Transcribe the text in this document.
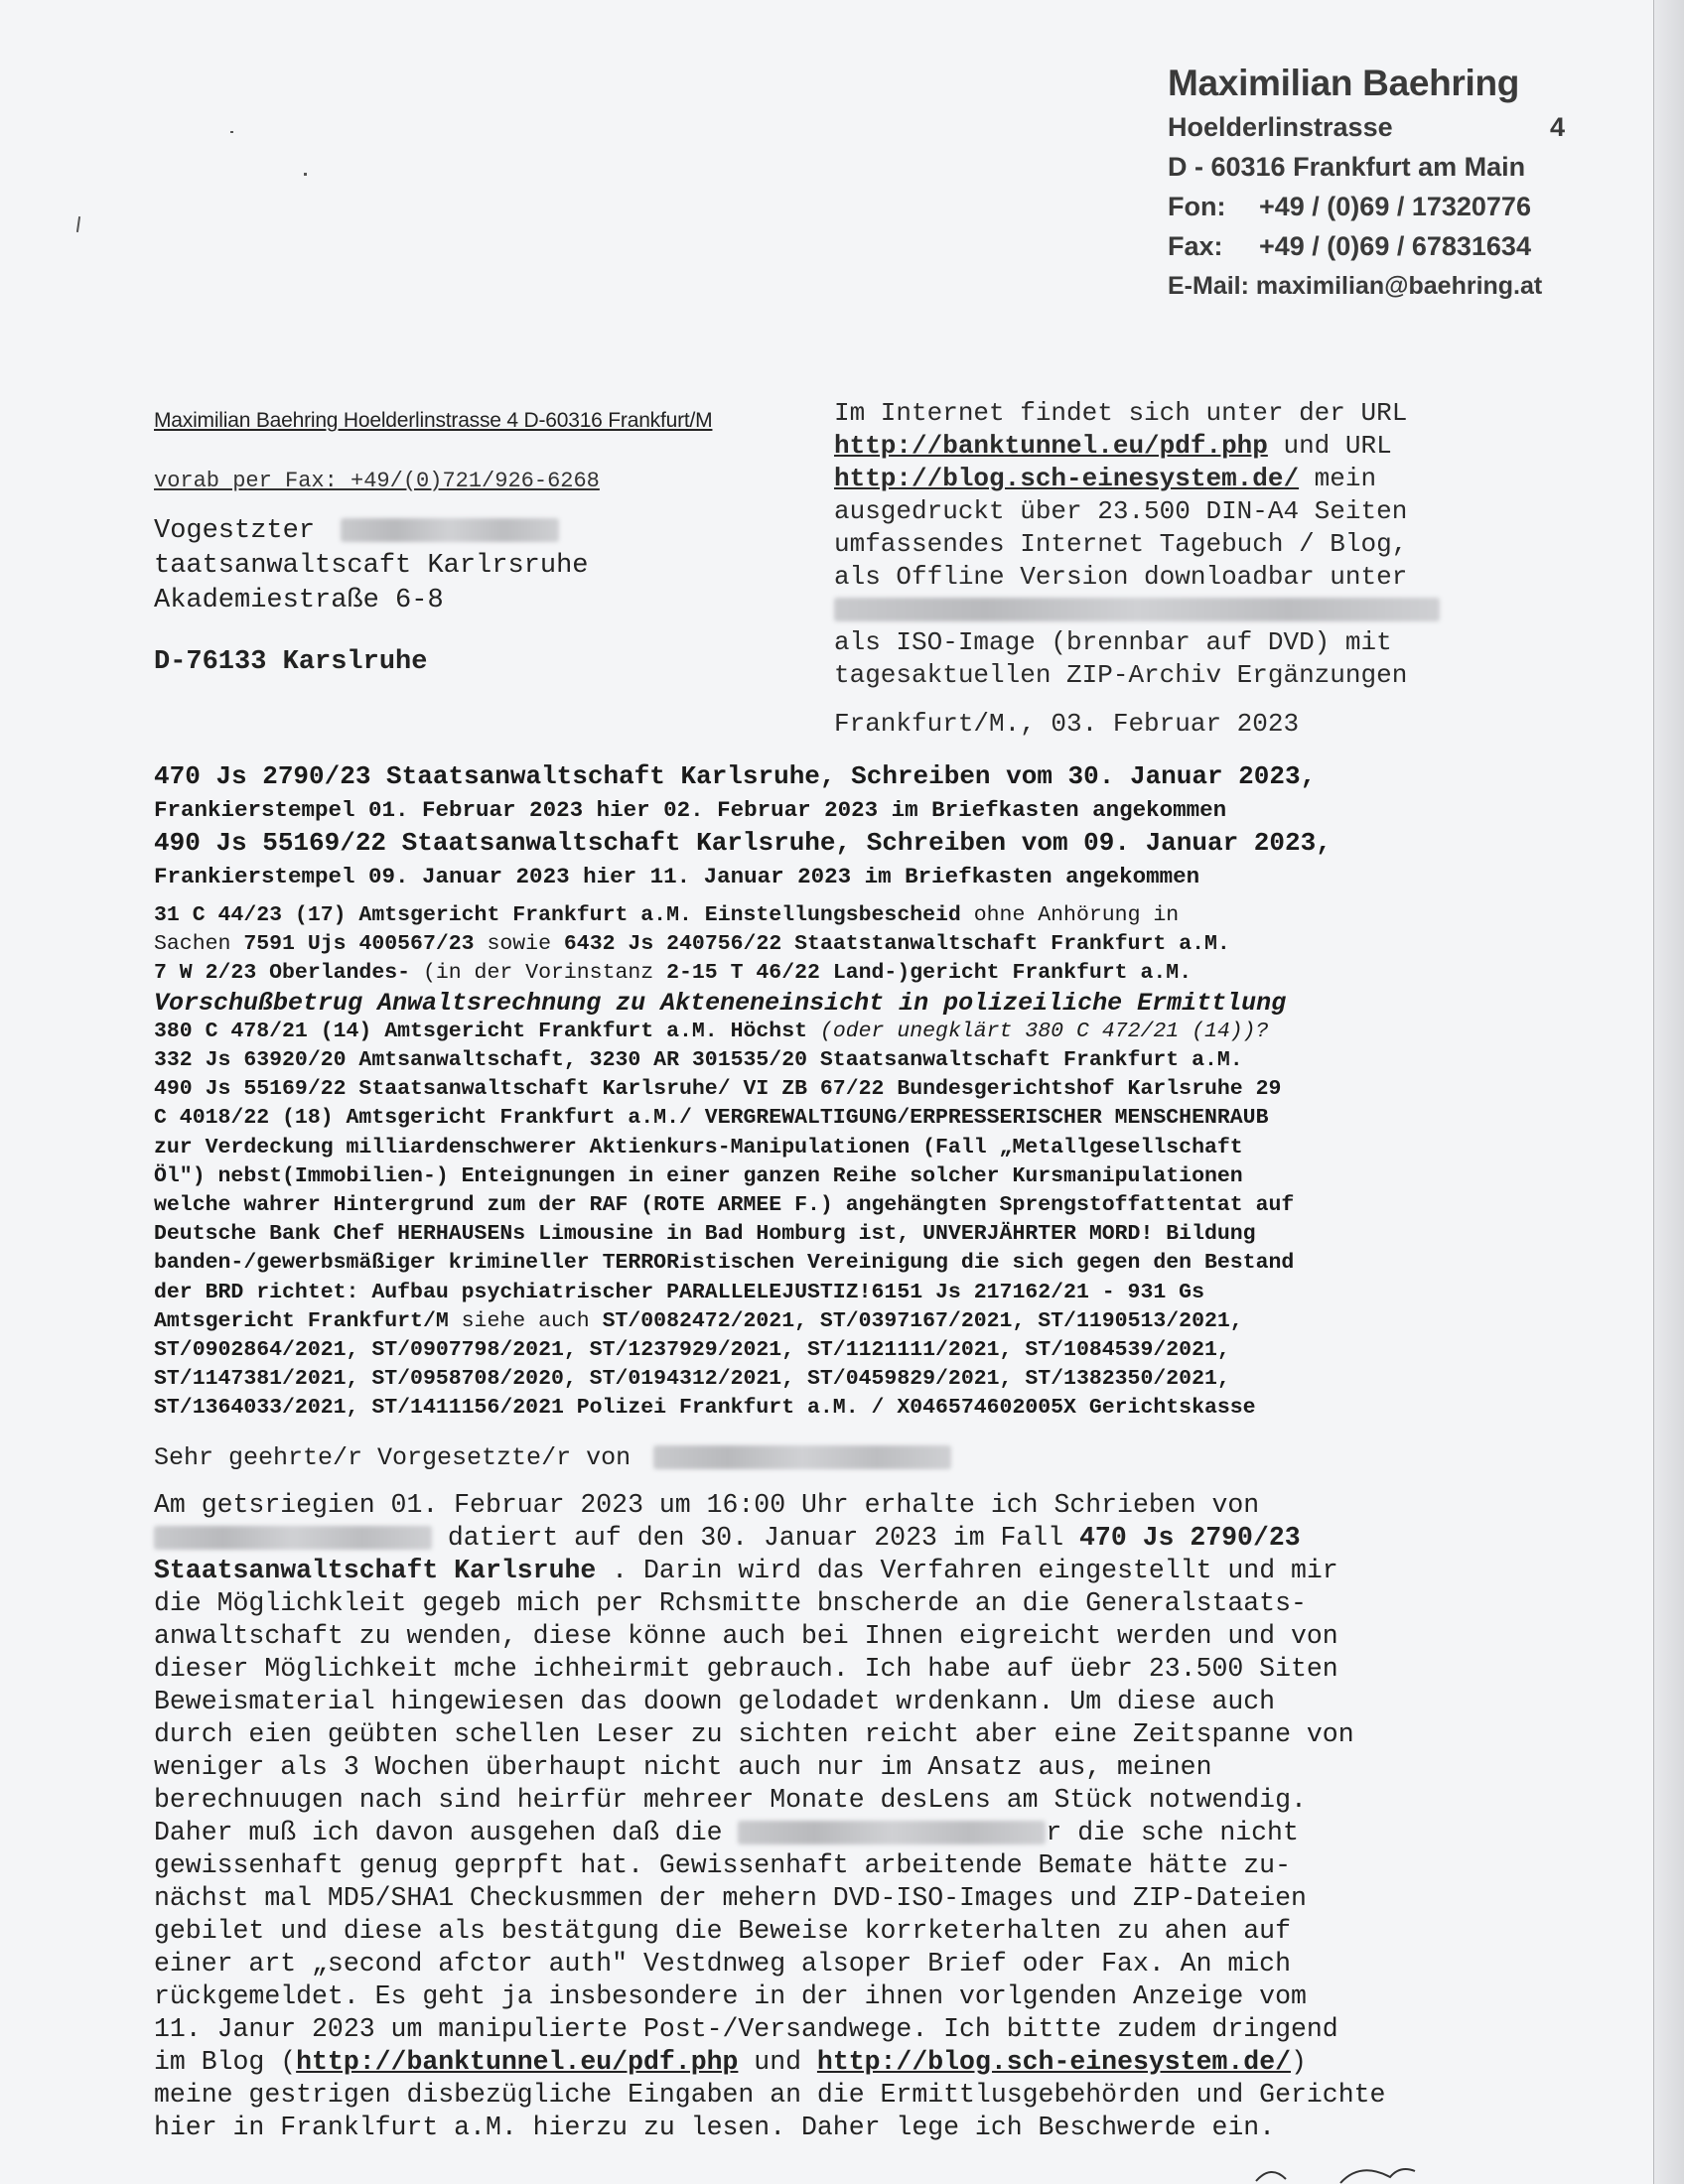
Maximilian Baehring
Hoelderlinstrasse	4
D - 60316 Frankfurt am Main
Fon: +49 / (0)69 / 17320776
Fax: +49 / (0)69 / 67831634
E-Mail: maximilian@baehring.at
Maximilian Baehring Hoelderlinstrasse 4 D-60316 Frankfurt/M
vorab per Fax: +49/(0)721/926-6268
Vogestzter
taatsanwaltscaft Karlrsruhe
Akademiestraße 6-8
D-76133 Karslruhe
Im Internet findet sich unter der URL
http://banktunnel.eu/pdf.php und URL
http://blog.sch-einesystem.de/ mein
ausgedruckt über 23.500 DIN-A4 Seiten
umfassendes Internet Tagebuch / Blog,
als Offline Version downloadbar unter
als ISO-Image (brennbar auf DVD) mit
tagesaktuellen ZIP-Archiv Ergänzungen
Frankfurt/M., 03. Februar 2023
470 Js 2790/23 Staatsanwaltschaft Karlsruhe, Schreiben vom 30. Januar 2023,
Frankierstempel 01. Februar 2023 hier 02. Februar 2023 im Briefkasten angekommen
490 Js 55169/22 Staatsanwaltschaft Karlsruhe, Schreiben vom 09. Januar 2023,
Frankierstempel 09. Januar 2023 hier 11. Januar 2023 im Briefkasten angekommen
31 C 44/23 (17) Amtsgericht Frankfurt a.M. Einstellungsbescheid ohne Anhörung in
Sachen 7591 Ujs 400567/23 sowie 6432 Js 240756/22 Staatstanwaltschaft Frankfurt a.M.
7 W 2/23 Oberlandes- (in der Vorinstanz 2-15 T 46/22 Land-)gericht Frankfurt a.M.
Vorschußbetrug Anwaltsrechnung zu Akteneneinsicht in polizeiliche Ermittlung
380 C 478/21 (14) Amtsgericht Frankfurt a.M. Höchst (oder unegklärt 380 C 472/21 (14))?
332 Js 63920/20 Amtsanwaltschaft, 3230 AR 301535/20 Staatsanwaltschaft Frankfurt a.M.
490 Js 55169/22 Staatsanwaltschaft Karlsruhe/ VI ZB 67/22 Bundesgerichtshof Karlsruhe 29
C 4018/22 (18) Amtsgericht Frankfurt a.M./ VERGREWALTIGUNG/ERPRESSERISCHER MENSCHENRAUB
zur Verdeckung milliardenschwerer Aktienkurs-Manipulationen (Fall „Metallgesellschaft
Öl") nebst(Immobilien-) Enteignungen in einer ganzen Reihe solcher Kursmanipulationen
welche wahrer Hintergrund zum der RAF (ROTE ARMEE F.) angehängten Sprengstoffattentat auf
Deutsche Bank Chef HERHAUSENs Limousine in Bad Homburg ist, UNVERJÄHRTER MORD! Bildung
banden-/gewerbsmäßiger krimineller TERRORistischen Vereinigung die sich gegen den Bestand
der BRD richtet: Aufbau psychiatrischer PARALLELEJUSTIZ!6151 Js 217162/21 - 931 Gs
Amtsgericht Frankfurt/M siehe auch ST/0082472/2021, ST/0397167/2021, ST/1190513/2021,
ST/0902864/2021, ST/0907798/2021, ST/1237929/2021, ST/1121111/2021, ST/1084539/2021,
ST/1147381/2021, ST/0958708/2020, ST/0194312/2021, ST/0459829/2021, ST/1382350/2021,
ST/1364033/2021, ST/1411156/2021 Polizei Frankfurt a.M. / X046574602005X Gerichtskasse
Sehr geehrte/r Vorgesetzte/r von
Am getsriegien 01. Februar 2023 um 16:00 Uhr erhalte ich Schrieben von
datiert auf den 30. Januar 2023 im Fall 470 Js 2790/23
Staatsanwaltschaft Karlsruhe . Darin wird das Verfahren eingestellt und mir
die Möglichkleit gegeb mich per Rchsmitte bnscherde an die Generalstaats-
anwaltschaft zu wenden, diese könne auch bei Ihnen eigreicht werden und von
dieser Möglichkeit mche ichheirmit gebrauch. Ich habe auf üebr 23.500 Siten
Beweismaterial hingewiesen das doown gelodadet wrdenkann. Um diese auch
durch eien geübten schellen Leser zu sichten reicht aber eine Zeitspanne von
weniger als 3 Wochen überhaupt nicht auch nur im Ansatz aus, meinen
berechnuugen nach sind heirfür mehreer Monate desLens am Stück notwendig.
Daher muß ich davon ausgehen daß die	r die sche nicht
gewissenhaft genug geprpft hat. Gewissenhaft arbeitende Bemate hätte zu-
nächst mal MD5/SHA1 Checkusmmen der mehern DVD-ISO-Images und ZIP-Dateien
gebilet und diese als bestätgung die Beweise korrketerhalten zu ahen auf
einer art „second afctor auth" Vestdnweg alsoper Brief oder Fax. An mich
rückgemeldet. Es geht ja insbesondere in der ihnen vorlgenden Anzeige vom
11. Janur 2023 um manipulierte Post-/Versandwege. Ich bittte zudem dringend
im Blog (http://banktunnel.eu/pdf.php und http://blog.sch-einesystem.de/)
meine gestrigen disbezügliche Eingaben an die Ermittlusgebehörden und Gerichte
hier in Franklfurt a.M. hierzu zu lesen. Daher lege ich Beschwerde ein.
